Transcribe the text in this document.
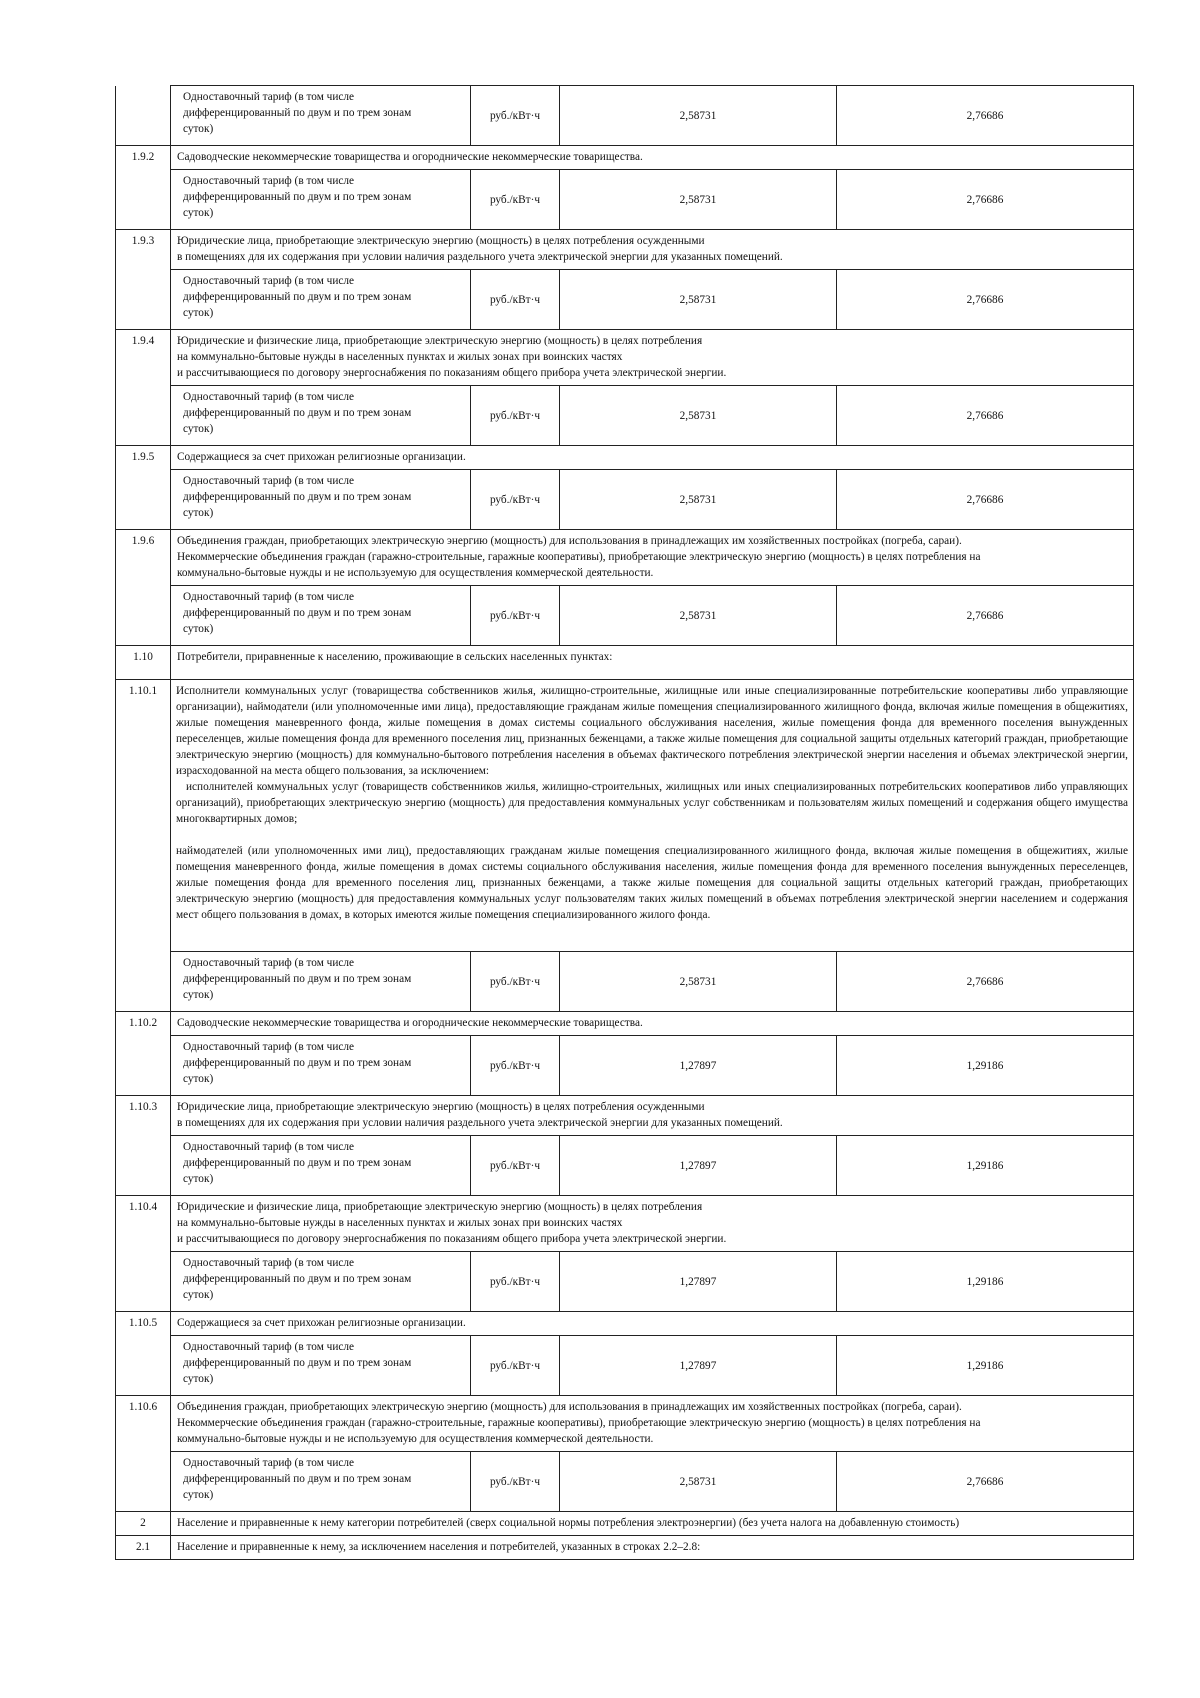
	Одноставочный тариф (в том числе
дифференцированный по двум и по трем зонам
суток)	руб./кВт·ч	2,58731	2,76686
1.9.2	Садоводческие некоммерческие товарищества и огороднические некоммерческие товарищества.			

	Одноставочный тариф (в том числе
дифференцированный по двум и по трем зонам
суток)	руб./кВт·ч	2,58731	2,76686
1.9.3	Юридические лица, приобретающие электрическую энергию (мощность) в целях потребления осужденными
в помещениях для их содержания при условии наличия раздельного учета электрической энергии для указанных помещений.			

	Одноставочный тариф (в том числе
дифференцированный по двум и по трем зонам
суток)	руб./кВт·ч	2,58731	2,76686
1.9.4	Юридические и физические лица, приобретающие электрическую энергию (мощность) в целях потребления
на коммунально-бытовые нужды в населенных пунктах и жилых зонах при воинских частях
и рассчитывающиеся по договору энергоснабжения по показаниям общего прибора учета электрической энергии.			

	Одноставочный тариф (в том числе
дифференцированный по двум и по трем зонам
суток)	руб./кВт·ч	2,58731	2,76686
1.9.5	Содержащиеся за счет прихожан религиозные организации.			

	Одноставочный тариф (в том числе
дифференцированный по двум и по трем зонам
суток)	руб./кВт·ч	2,58731	2,76686
1.9.6	Объединения граждан, приобретающих электрическую энергию (мощность) для использования в принадлежащих им хозяйственных постройках (погреба, сараи).
Некоммерческие объединения граждан (гаражно-строительные, гаражные кооперативы), приобретающие электрическую энергию (мощность) в целях потребления на
коммунально-бытовые нужды и не используемую для осуществления коммерческой деятельности.			

	Одноставочный тариф (в том числе
дифференцированный по двум и по трем зонам
суток)	руб./кВт·ч	2,58731	2,76686
1.10	Потребители, приравненные к населению, проживающие в сельских населенных пунктах:			

1.10.1	Исполнители коммунальных услуг (товарищества собственников жилья, жилищно-строительные, жилищные или иные специализированные потребительские кооперативы либо управляющие организации), наймодатели (или уполномоченные ими лица), предоставляющие гражданам жилые помещения специализированного жилищного фонда, включая жилые помещения в общежитиях, жилые помещения маневренного фонда, жилые помещения в домах системы социального обслуживания населения, жилые помещения фонда для временного поселения вынужденных переселенцев, жилые помещения фонда для временного поселения лиц, признанных беженцами, а также жилые помещения для социальной защиты отдельных категорий граждан, приобретающие электрическую энергию (мощность) для коммунально-бытового потребления населения в объемах фактического потребления электрической энергии населения и объемах электрической энергии, израсходованной на места общего пользования, за исключением:
исполнителей коммунальных услуг (товариществ собственников жилья, жилищно-строительных, жилищных или иных специализированных потребительских кооперативов либо управляющих организаций), приобретающих электрическую энергию (мощность) для предоставления коммунальных услуг собственникам и пользователям жилых помещений и содержания общего имущества многоквартирных домов;
наймодателей (или уполномоченных ими лиц), предоставляющих гражданам жилые помещения специализированного жилищного фонда, включая жилые помещения в общежитиях, жилые помещения маневренного фонда, жилые помещения в домах системы социального обслуживания населения, жилые помещения фонда для временного поселения вынужденных переселенцев, жилые помещения фонда для временного поселения лиц, признанных беженцами, а также жилые помещения для социальной защиты отдельных категорий граждан, приобретающих электрическую энергию (мощность) для предоставления коммунальных услуг пользователям таких жилых помещений в объемах потребления электрической энергии населением и содержания мест общего пользования в домах, в которых имеются жилые помещения специализированного жилого фонда.			

	Одноставочный тариф (в том числе
дифференцированный по двум и по трем зонам
суток)	руб./кВт·ч	2,58731	2,76686
1.10.2	Садоводческие некоммерческие товарищества и огороднические некоммерческие товарищества.			

	Одноставочный тариф (в том числе
дифференцированный по двум и по трем зонам
суток)	руб./кВт·ч	1,27897	1,29186
1.10.3	Юридические лица, приобретающие электрическую энергию (мощность) в целях потребления осужденными
в помещениях для их содержания при условии наличия раздельного учета электрической энергии для указанных помещений.			

	Одноставочный тариф (в том числе
дифференцированный по двум и по трем зонам
суток)	руб./кВт·ч	1,27897	1,29186
1.10.4	Юридические и физические лица, приобретающие электрическую энергию (мощность) в целях потребления
на коммунально-бытовые нужды в населенных пунктах и жилых зонах при воинских частях
и рассчитывающиеся по договору энергоснабжения по показаниям общего прибора учета электрической энергии.			

	Одноставочный тариф (в том числе
дифференцированный по двум и по трем зонам
суток)	руб./кВт·ч	1,27897	1,29186
1.10.5	Содержащиеся за счет прихожан религиозные организации.			

	Одноставочный тариф (в том числе
дифференцированный по двум и по трем зонам
суток)	руб./кВт·ч	1,27897	1,29186
1.10.6	Объединения граждан, приобретающих электрическую энергию (мощность) для использования в принадлежащих им хозяйственных постройках (погреба, сараи).
Некоммерческие объединения граждан (гаражно-строительные, гаражные кооперативы), приобретающие электрическую энергию (мощность) в целях потребления на
коммунально-бытовые нужды и не используемую для осуществления коммерческой деятельности.			

	Одноставочный тариф (в том числе
дифференцированный по двум и по трем зонам
суток)	руб./кВт·ч	2,58731	2,76686
2	Население и приравненные к нему категории потребителей (сверх социальной нормы потребления электроэнергии) (без учета налога на добавленную стоимость)			

2.1	Население и приравненные к нему, за исключением населения и потребителей, указанных в строках 2.2–2.8:			
